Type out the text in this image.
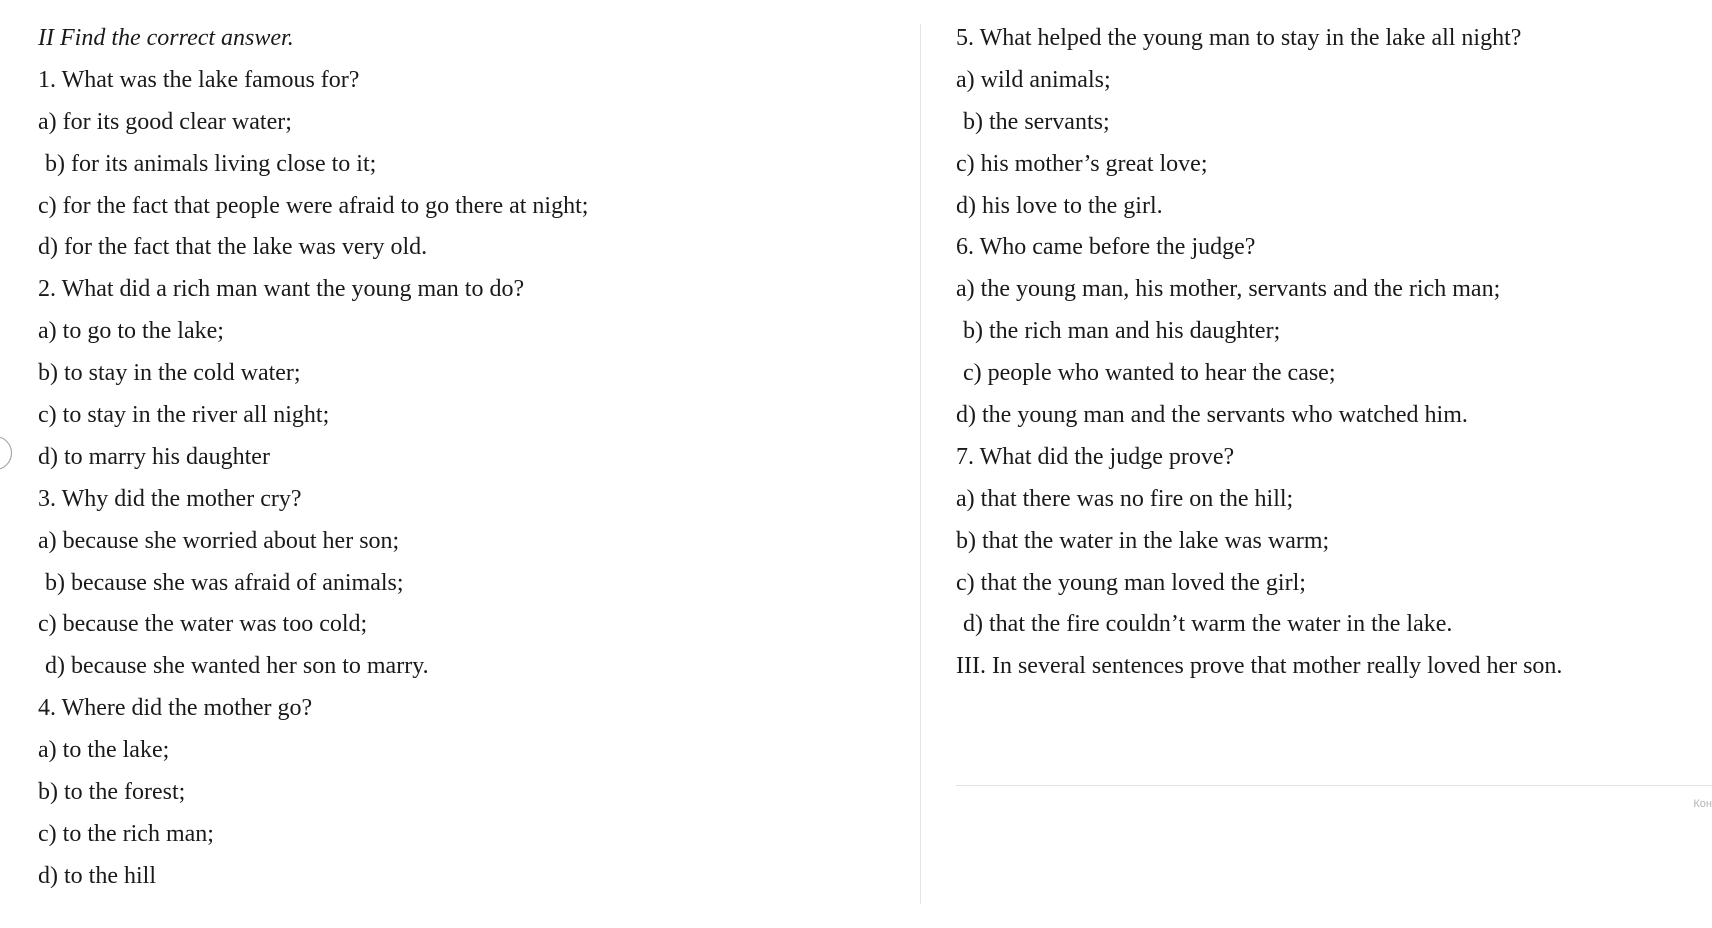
II Find the correct answer.
1. What was the lake famous for?
a) for its good clear water;
b) for its animals living close to it;
c) for the fact that people were afraid to go there at night;
d) for the fact that the lake was very old.
2. What did a rich man want the young man to do?
a) to go to the lake;
b) to stay in the cold water;
c) to stay in the river all night;
d) to marry his daughter
3. Why did the mother cry?
a) because she worried about her son;
b) because she was afraid of animals;
c) because the water was too cold;
d) because she wanted her son to marry.
4. Where did the mother go?
a) to the lake;
b) to the forest;
c) to the rich man;
d) to the hill
5. What helped the young man to stay in the lake all night?
a) wild animals;
b) the servants;
c) his mother’s great love;
d) his love to the girl.
6. Who came before the judge?
a) the young man, his mother, servants and the rich man;
b) the rich man and his daughter;
c) people who wanted to hear the case;
d) the young man and the servants who watched him.
7. What did the judge prove?
a) that there was no fire on the hill;
b) that the water in the lake was warm;
c) that the young man loved the girl;
d) that the fire couldn’t warm the water in the lake.
III. In several sentences prove that mother really loved her son.
Кон
